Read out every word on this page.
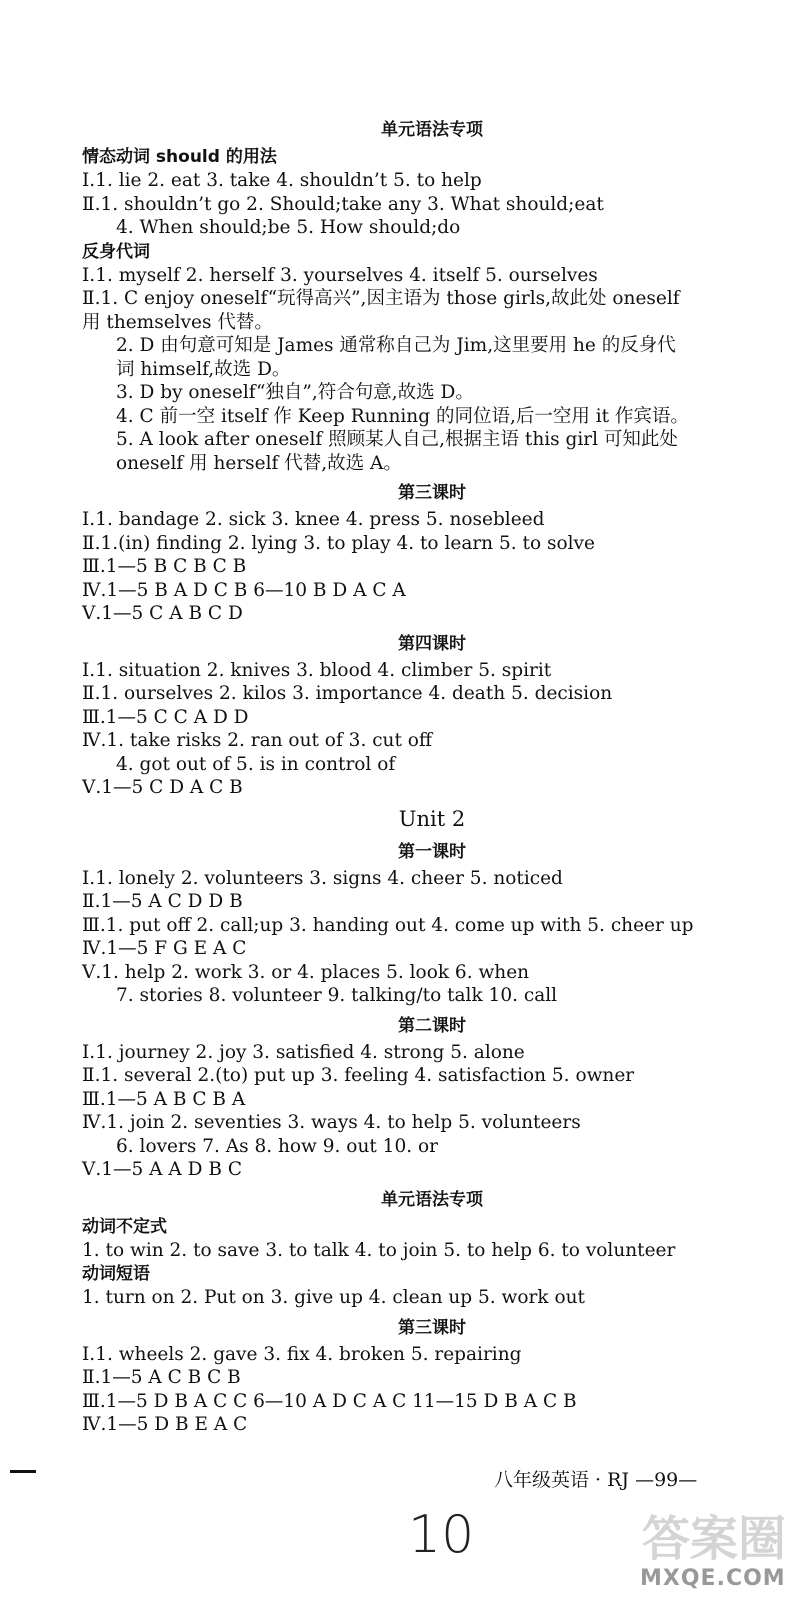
单元语法专项
情态动词 should 的用法
Ⅰ.1. lie 2. eat 3. take 4. shouldn’t 5. to help
Ⅱ.1. shouldn’t go 2. Should;take any 3. What should;eat
4. When should;be 5. How should;do
反身代词
Ⅰ.1. myself 2. herself 3. yourselves 4. itself 5. ourselves
Ⅱ.1. C enjoy oneself“玩得高兴”,因主语为 those girls,故此处 oneself
用 themselves 代替。
2. D 由句意可知是 James 通常称自己为 Jim,这里要用 he 的反身代
词 himself,故选 D。
3. D by oneself“独自”,符合句意,故选 D。
4. C 前一空 itself 作 Keep Running 的同位语,后一空用 it 作宾语。
5. A look after oneself 照顾某人自己,根据主语 this girl 可知此处
oneself 用 herself 代替,故选 A。
第三课时
Ⅰ.1. bandage 2. sick 3. knee 4. press 5. nosebleed
Ⅱ.1.(in) finding 2. lying 3. to play 4. to learn 5. to solve
Ⅲ.1—5 B C B C B
Ⅳ.1—5 B A D C B 6—10 B D A C A
Ⅴ.1—5 C A B C D
第四课时
Ⅰ.1. situation 2. knives 3. blood 4. climber 5. spirit
Ⅱ.1. ourselves 2. kilos 3. importance 4. death 5. decision
Ⅲ.1—5 C C A D D
Ⅳ.1. take risks 2. ran out of 3. cut off
4. got out of 5. is in control of
Ⅴ.1—5 C D A C B
Unit 2
第一课时
Ⅰ.1. lonely 2. volunteers 3. signs 4. cheer 5. noticed
Ⅱ.1—5 A C D D B
Ⅲ.1. put off 2. call;up 3. handing out 4. come up with 5. cheer up
Ⅳ.1—5 F G E A C
Ⅴ.1. help 2. work 3. or 4. places 5. look 6. when
7. stories 8. volunteer 9. talking/to talk 10. call
第二课时
Ⅰ.1. journey 2. joy 3. satisfied 4. strong 5. alone
Ⅱ.1. several 2.(to) put up 3. feeling 4. satisfaction 5. owner
Ⅲ.1—5 A B C B A
Ⅳ.1. join 2. seventies 3. ways 4. to help 5. volunteers
6. lovers 7. As 8. how 9. out 10. or
Ⅴ.1—5 A A D B C
单元语法专项
动词不定式
1. to win 2. to save 3. to talk 4. to join 5. to help 6. to volunteer
动词短语
1. turn on 2. Put on 3. give up 4. clean up 5. work out
第三课时
Ⅰ.1. wheels 2. gave 3. fix 4. broken 5. repairing
Ⅱ.1—5 A C B C B
Ⅲ.1—5 D B A C C 6—10 A D C A C 11—15 D B A C B
Ⅳ.1—5 D B E A C
八年级英语 · RJ —99—
10	答案圈
MXQE.COM
